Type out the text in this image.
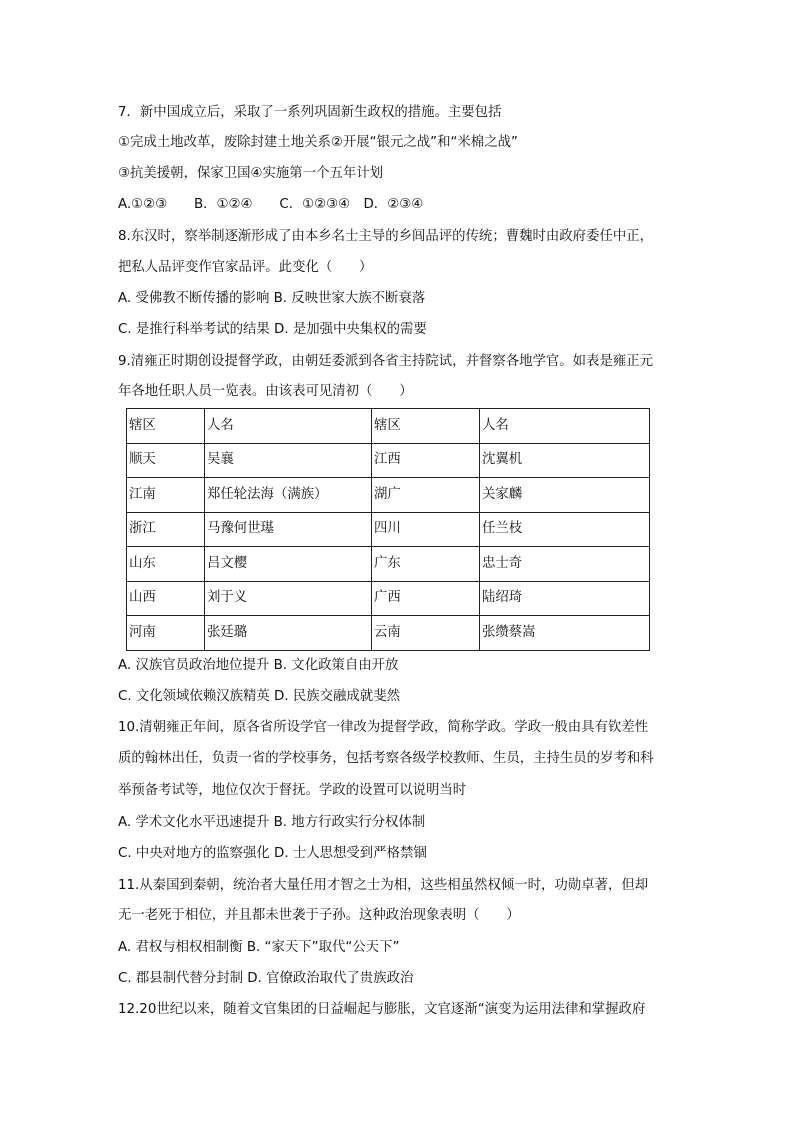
7．新中国成立后，采取了一系列巩固新生政权的措施。主要包括
①完成土地改革，废除封建土地关系②开展“银元之战”和“米棉之战”
③抗美援朝，保家卫国④实施第一个五年计划
A.①②③　　B．①②④　　C．①②③④　D．②③④
8.东汉时，察举制逐渐形成了由本乡名士主导的乡闾品评的传统；曹魏时由政府委任中正，
把私人品评变作官家品评。此变化（　　）
A. 受佛教不断传播的影响 B. 反映世家大族不断衰落
C. 是推行科举考试的结果 D. 是加强中央集权的需要
9.清雍正时期创设提督学政，由朝廷委派到各省主持院试，并督察各地学官。如表是雍正元
年各地任职人员一览表。由该表可见清初（　　）
辖区	人名	辖区	人名
顺天	吴襄	江西	沈翼机
江南	郑任轮法海（满族）	湖广	关家麟
浙江	马豫何世璂	四川	任兰枝
山东	吕文樱	广东	忠士奇
山西	刘于义	广西	陆绍琦
河南	张廷璐	云南	张缵蔡嵩
A. 汉族官员政治地位提升 B. 文化政策自由开放
C. 文化领域依赖汉族精英 D. 民族交融成就斐然
10.清朝雍正年间，原各省所设学官一律改为提督学政，简称学政。学政一般由具有钦差性
质的翰林出任，负责一省的学校事务，包括考察各级学校教师、生员，主持生员的岁考和科
举预备考试等，地位仅次于督抚。学政的设置可以说明当时
A. 学术文化水平迅速提升 B. 地方行政实行分权体制
C. 中央对地方的监察强化 D. 士人思想受到严格禁锢
11.从秦国到秦朝，统治者大量任用才智之士为相，这些相虽然权倾一时，功勋卓著，但却
无一老死于相位，并且都未世袭于子孙。这种政治现象表明（　　）
A. 君权与相权相制衡 B. “家天下”取代“公天下”
C. 郡县制代替分封制 D. 官僚政治取代了贵族政治
12.20世纪以来，随着文官集团的日益崛起与膨胀，文官逐渐“演变为运用法律和掌握政府
